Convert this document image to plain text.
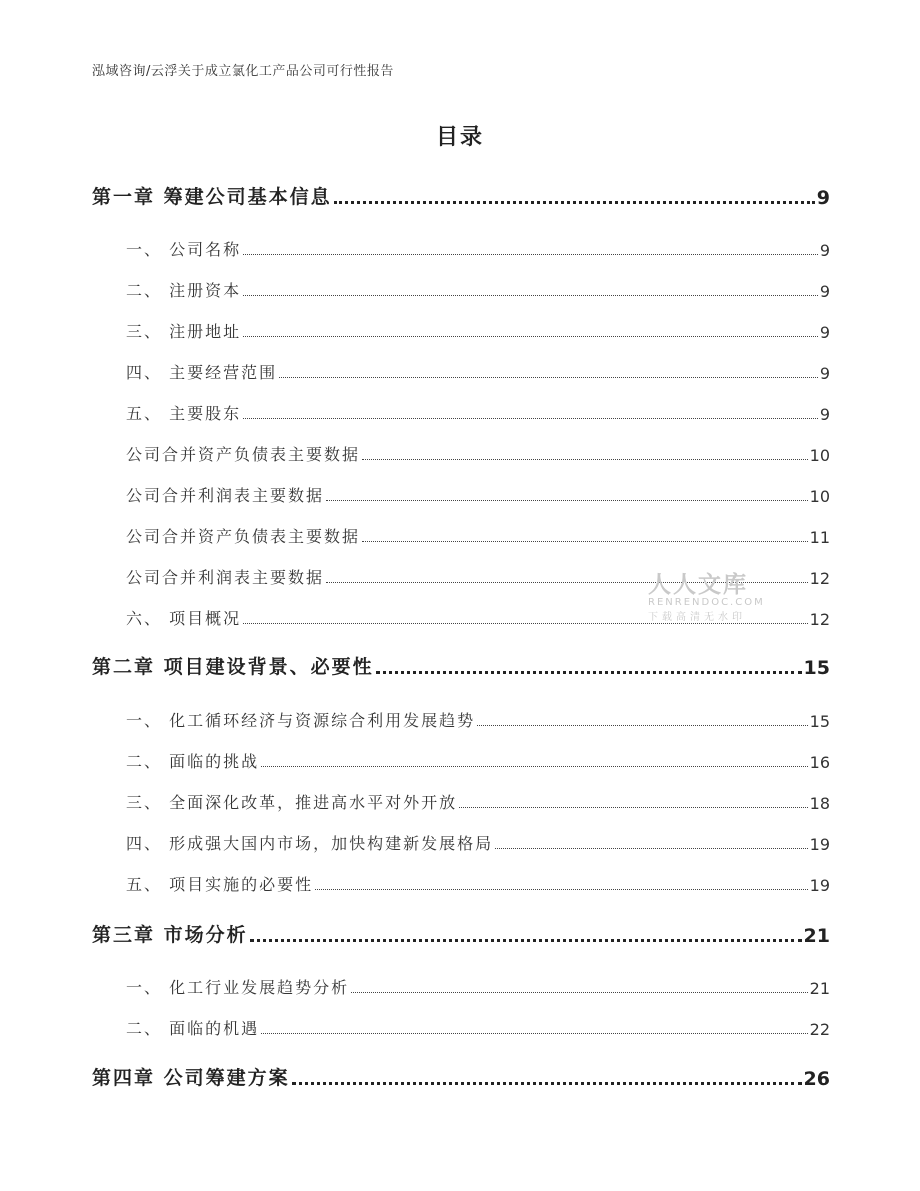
泓域咨询/云浮关于成立氯化工产品公司可行性报告
目录
第一章 筹建公司基本信息	9
一、 公司名称	9
二、 注册资本	9
三、 注册地址	9
四、 主要经营范围	9
五、 主要股东	9
公司合并资产负债表主要数据	10
公司合并利润表主要数据	10
公司合并资产负债表主要数据	11
公司合并利润表主要数据	12
六、 项目概况	12
第二章 项目建设背景、必要性	15
一、 化工循环经济与资源综合利用发展趋势	15
二、 面临的挑战	16
三、 全面深化改革，推进高水平对外开放	18
四、 形成强大国内市场，加快构建新发展格局	19
五、 项目实施的必要性	19
第三章 市场分析	21
一、 化工行业发展趋势分析	21
二、 面临的机遇	22
第四章 公司筹建方案	26
人人文库
RENRENDOC.COM
下载高清无水印
